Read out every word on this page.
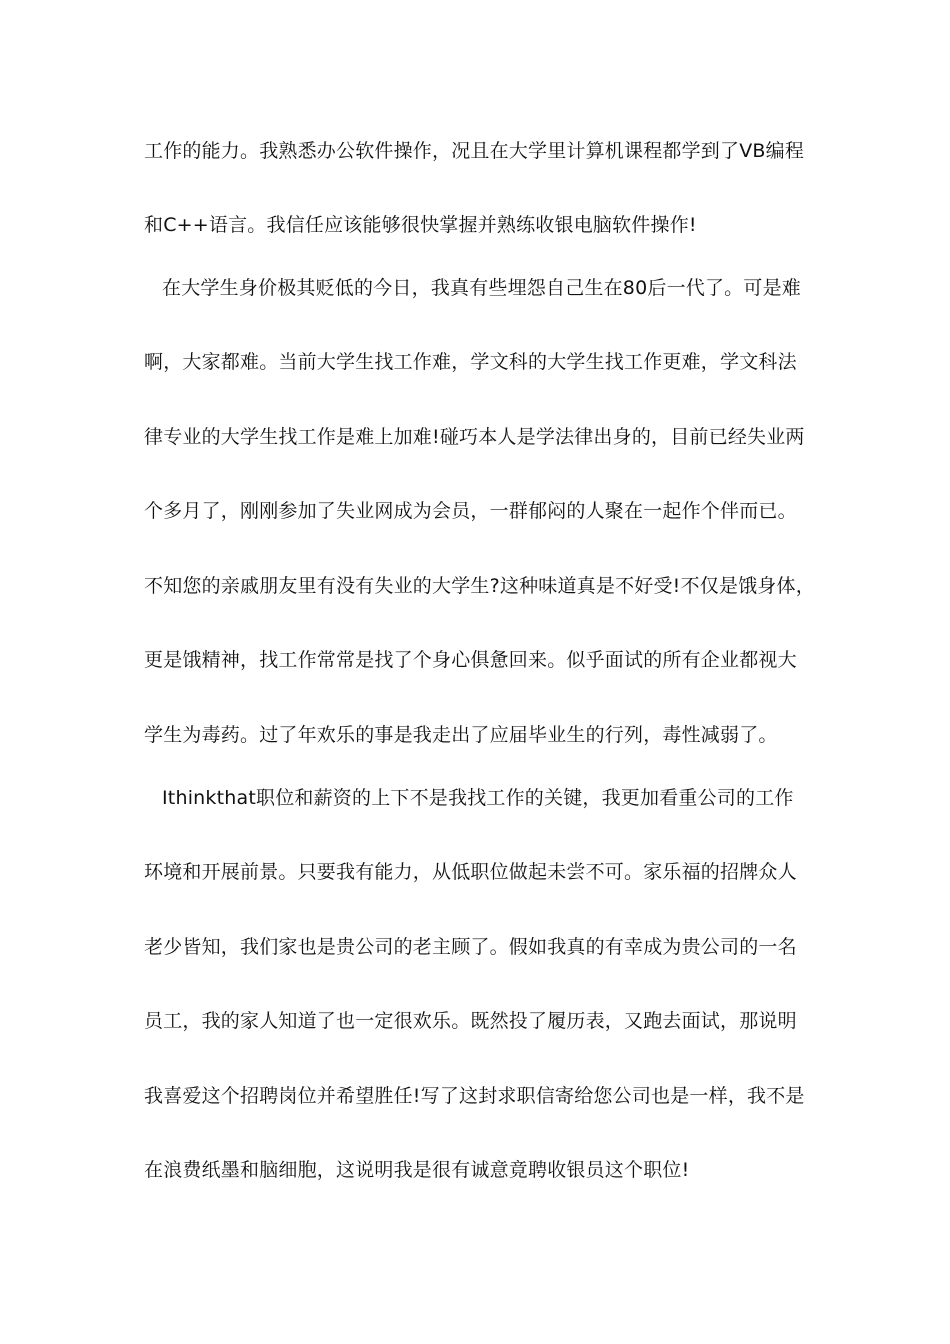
工作的能力。我熟悉办公软件操作，况且在大学里计算机课程都学到了VB编程
和C++语言。我信任应该能够很快掌握并熟练收银电脑软件操作!
在大学生身价极其贬低的今日，我真有些埋怨自己生在80后一代了。可是难
啊，大家都难。当前大学生找工作难，学文科的大学生找工作更难，学文科法
律专业的大学生找工作是难上加难!碰巧本人是学法律出身的，目前已经失业两
个多月了，刚刚参加了失业网成为会员，一群郁闷的人聚在一起作个伴而已。
不知您的亲戚朋友里有没有失业的大学生?这种味道真是不好受!不仅是饿身体，
更是饿精神，找工作常常是找了个身心俱惫回来。似乎面试的所有企业都视大
学生为毒药。过了年欢乐的事是我走出了应届毕业生的行列，毒性减弱了。
Ithinkthat职位和薪资的上下不是我找工作的关键，我更加看重公司的工作
环境和开展前景。只要我有能力，从低职位做起未尝不可。家乐福的招牌众人
老少皆知，我们家也是贵公司的老主顾了。假如我真的有幸成为贵公司的一名
员工，我的家人知道了也一定很欢乐。既然投了履历表，又跑去面试，那说明
我喜爱这个招聘岗位并希望胜任!写了这封求职信寄给您公司也是一样，我不是
在浪费纸墨和脑细胞，这说明我是很有诚意竟聘收银员这个职位!
